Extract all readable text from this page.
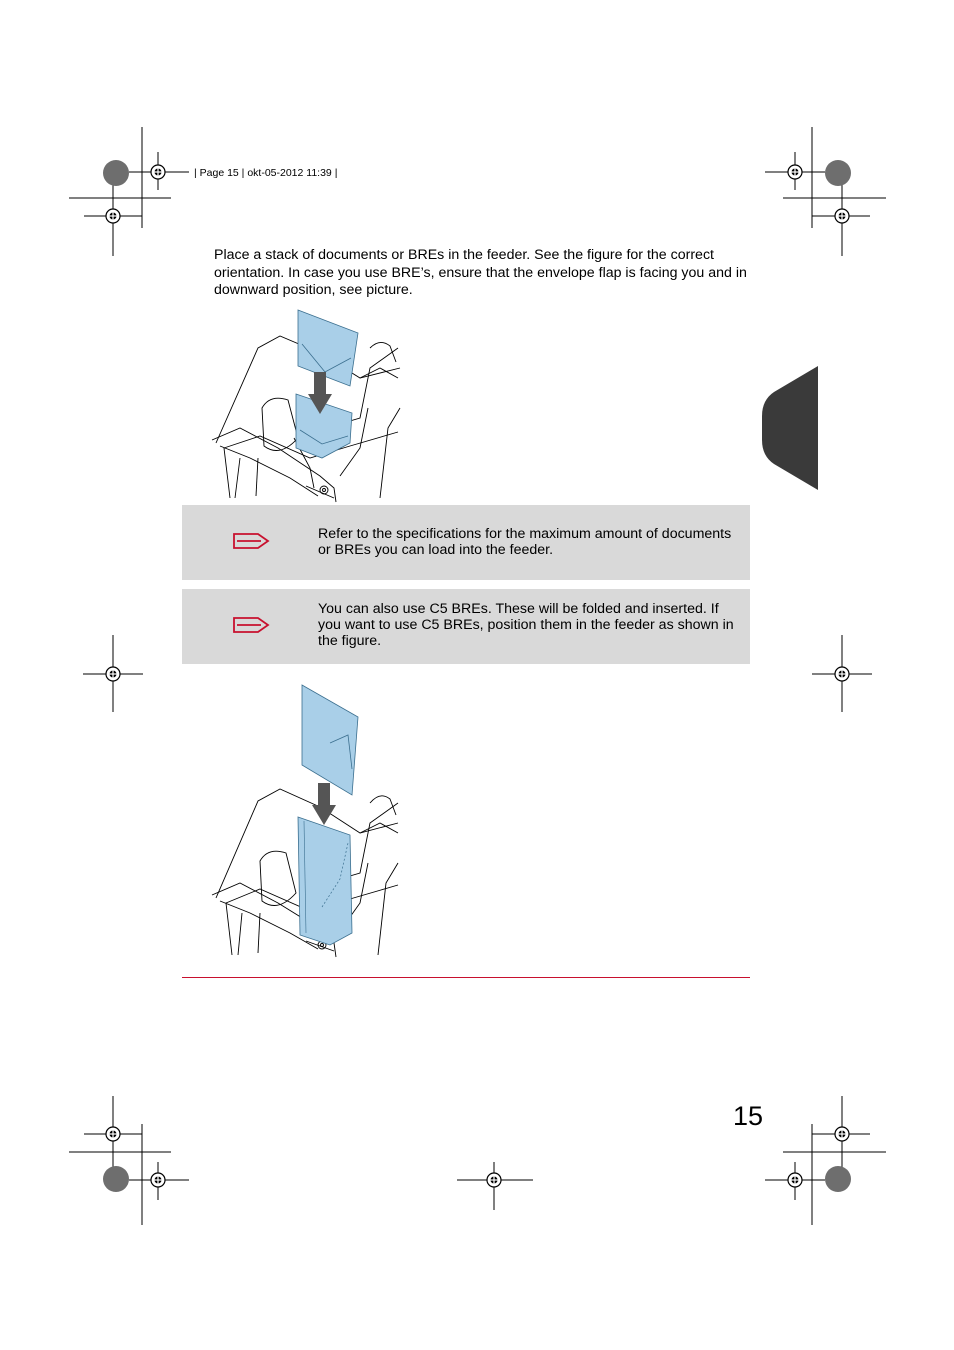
| Page 15 | okt-05-2012 11:39 |
Place a stack of documents or BREs in the feeder. See the figure for the correct orientation. In case you use BRE’s, ensure that the envelope flap is facing you and in downward position, see picture.
Refer to the specifications for the maximum amount of documents or BREs you can load into the feeder.
You can also use C5 BREs. These will be folded and inserted. If you want to use C5 BREs, position them in the feeder as shown in the figure.
15
